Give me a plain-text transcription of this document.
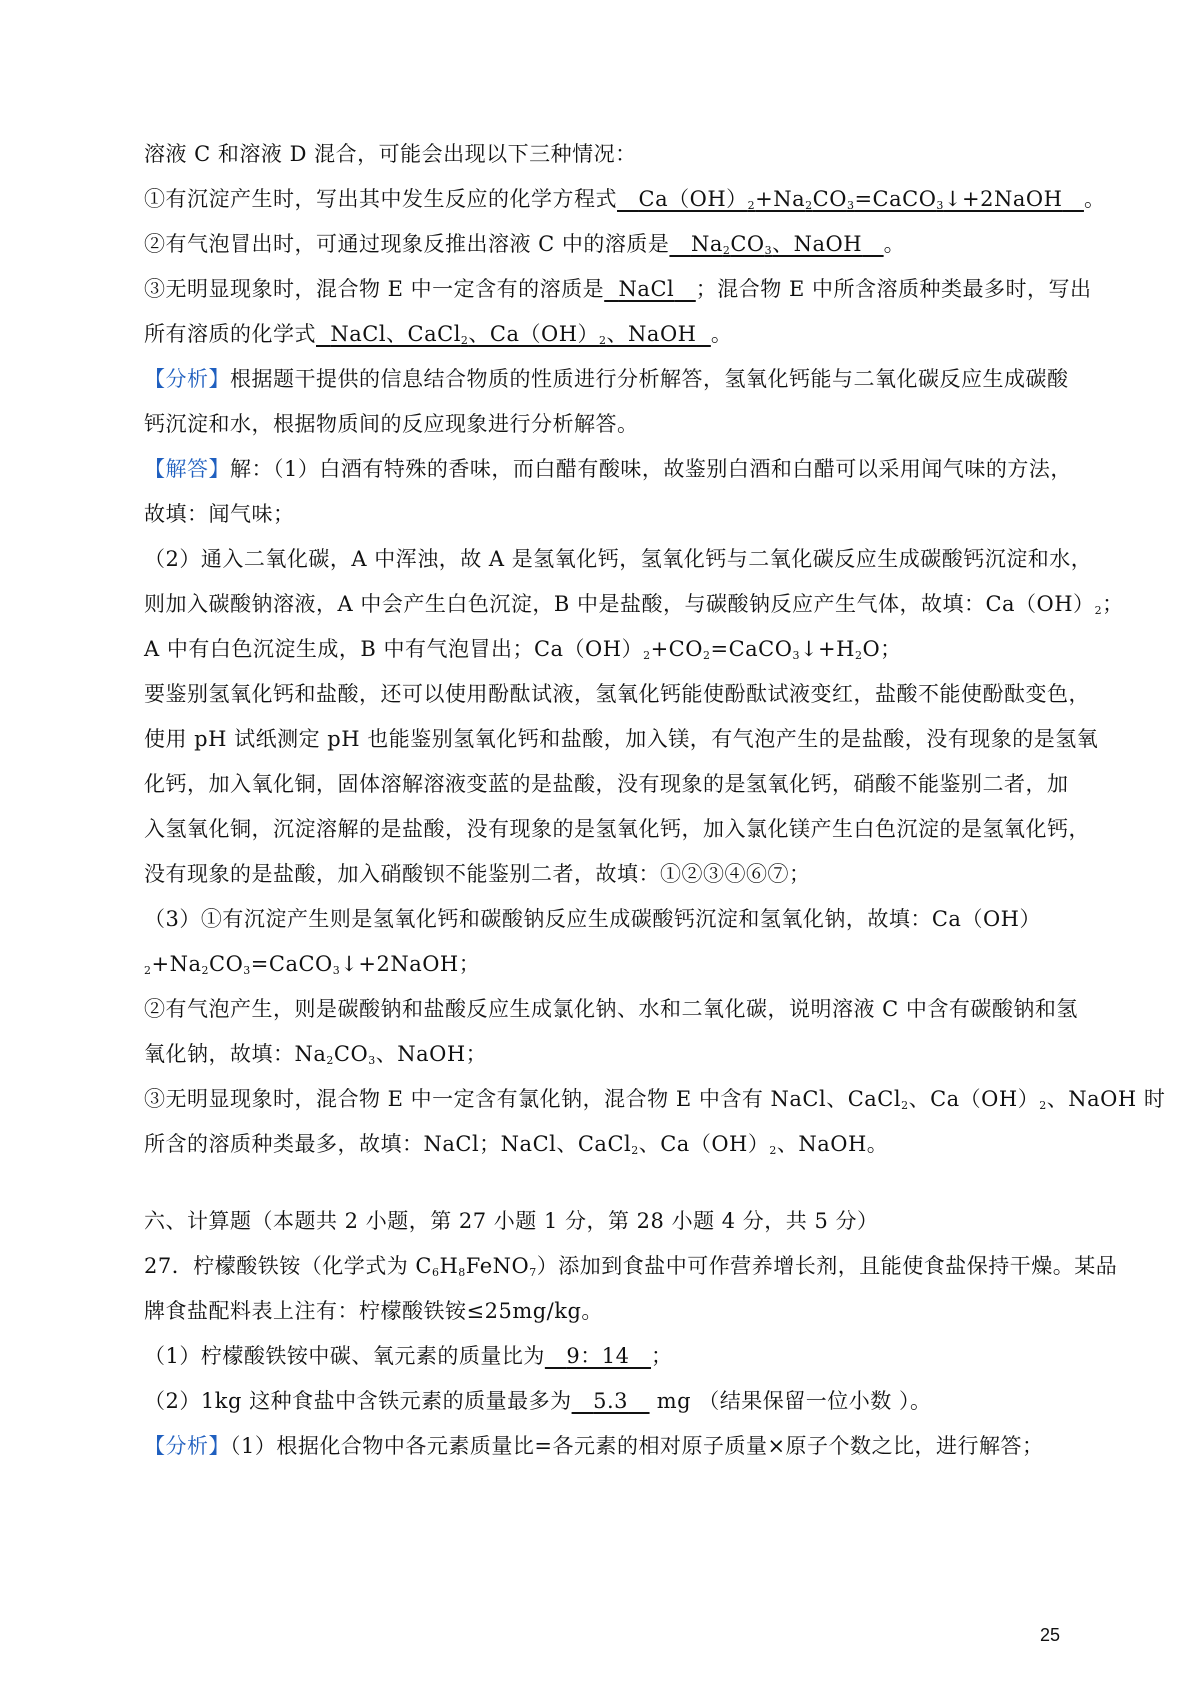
溶液 C 和溶液 D 混合，可能会出现以下三种情况：
①有沉淀产生时，写出其中发生反应的化学方程式 $Ca(OH)_2+Na_2CO_3=CaCO_3↓+2NaOH$ 。
②有气泡冒出时，可通过现象反推出溶液 C 中的溶质是 $Na_2CO_3$、NaOH 。
③无明显现象时，混合物 E 中一定含有的溶质是 NaCl ；混合物 E 中所含溶质种类最多时，写出
所有溶质的化学式 NaCl、CaCl$_2$、$Ca(OH)_2$、NaOH 。
【分析】根据题干提供的信息结合物质的性质进行分析解答，氢氧化钙能与二氧化碳反应生成碳酸
钙沉淀和水，根据物质间的反应现象进行分析解答。
【解答】解：（1）白酒有特殊的香味，而白醋有酸味，故鉴别白酒和白醋可以采用闻气味的方法，
故填：闻气味；
（2）通入二氧化碳，A 中浑浊，故 A 是氢氧化钙，氢氧化钙与二氧化碳反应生成碳酸钙沉淀和水，
则加入碳酸钠溶液，A 中会产生白色沉淀，B 中是盐酸，与碳酸钠反应产生气体，故填：$Ca(OH)_2$；
A 中有白色沉淀生成，B 中有气泡冒出；$Ca(OH)_2+CO_2=CaCO_3↓+H_2O$；
要鉴别氢氧化钙和盐酸，还可以使用酚酞试液，氢氧化钙能使酚酞试液变红，盐酸不能使酚酞变色，
使用 pH 试纸测定 pH 也能鉴别氢氧化钙和盐酸，加入镁，有气泡产生的是盐酸，没有现象的是氢氧
化钙，加入氧化铜，固体溶解溶液变蓝的是盐酸，没有现象的是氢氧化钙，硝酸不能鉴别二者，加
入氢氧化铜，沉淀溶解的是盐酸，没有现象的是氢氧化钙，加入氯化镁产生白色沉淀的是氢氧化钙，
没有现象的是盐酸，加入硝酸钡不能鉴别二者，故填：①②③④⑥⑦；
（3）①有沉淀产生则是氢氧化钙和碳酸钠反应生成碳酸钙沉淀和氢氧化钠，故填：Ca（OH）
$_2+Na_2CO_3=CaCO_3↓+2NaOH$；
②有气泡产生，则是碳酸钠和盐酸反应生成氯化钠、水和二氧化碳，说明溶液 C 中含有碳酸钠和氢
氧化钠，故填：$Na_2CO_3$、NaOH；
③无明显现象时，混合物 E 中一定含有氯化钠，混合物 E 中含有 NaCl、CaCl$_2$、$Ca(OH)_2$、NaOH 时
所含的溶质种类最多，故填：NaCl；NaCl、CaCl$_2$、$Ca(OH)_2$、NaOH。
六、计算题（本题共 2 小题，第 27 小题 1 分，第 28 小题 4 分，共 5 分）
27．柠檬酸铁铵（化学式为 $C_6H_8FeNO_7$）添加到食盐中可作营养增长剂，且能使食盐保持干燥。某品
牌食盐配料表上注有：柠檬酸铁铵≤25mg/kg。
（1）柠檬酸铁铵中碳、氧元素的质量比为 9：14 ；
（2）1kg 这种食盐中含铁元素的质量最多为 5.3 mg （结果保留一位小数 ）。
【分析】（1）根据化合物中各元素质量比=各元素的相对原子质量×原子个数之比，进行解答；
25
